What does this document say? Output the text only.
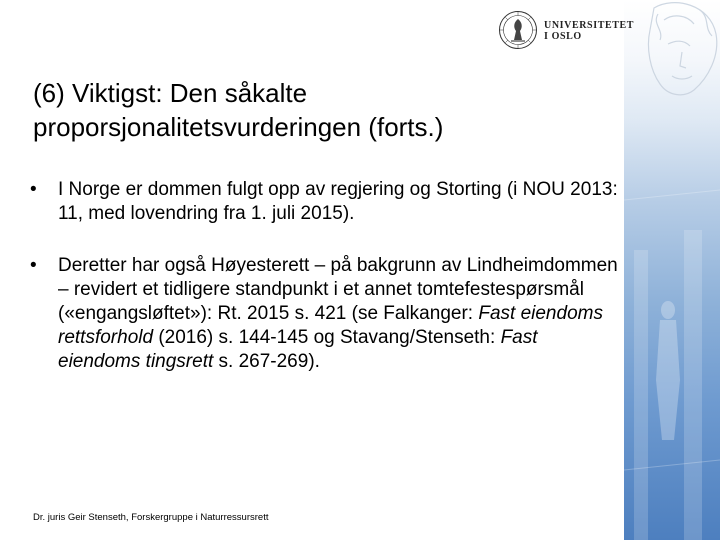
UNIVERSITETET
I OSLO
(6) Viktigst: Den såkalte
proporsjonalitetsvurderingen (forts.)
• I Norge er dommen fulgt opp av regjering og Storting (i NOU 2013: 11, med lovendring fra 1. juli 2015).
• Deretter har også Høyesterett – på bakgrunn av Lindheimdommen – revidert et tidligere standpunkt i et annet tomtefestespørsmål («engangsløftet»): Rt. 2015 s. 421 (se Falkanger: Fast eiendoms rettsforhold (2016) s. 144-145 og Stavang/Stenseth: Fast eiendoms tingsrett s. 267-269).
Dr. juris Geir Stenseth, Forskergruppe i Naturressursrett
